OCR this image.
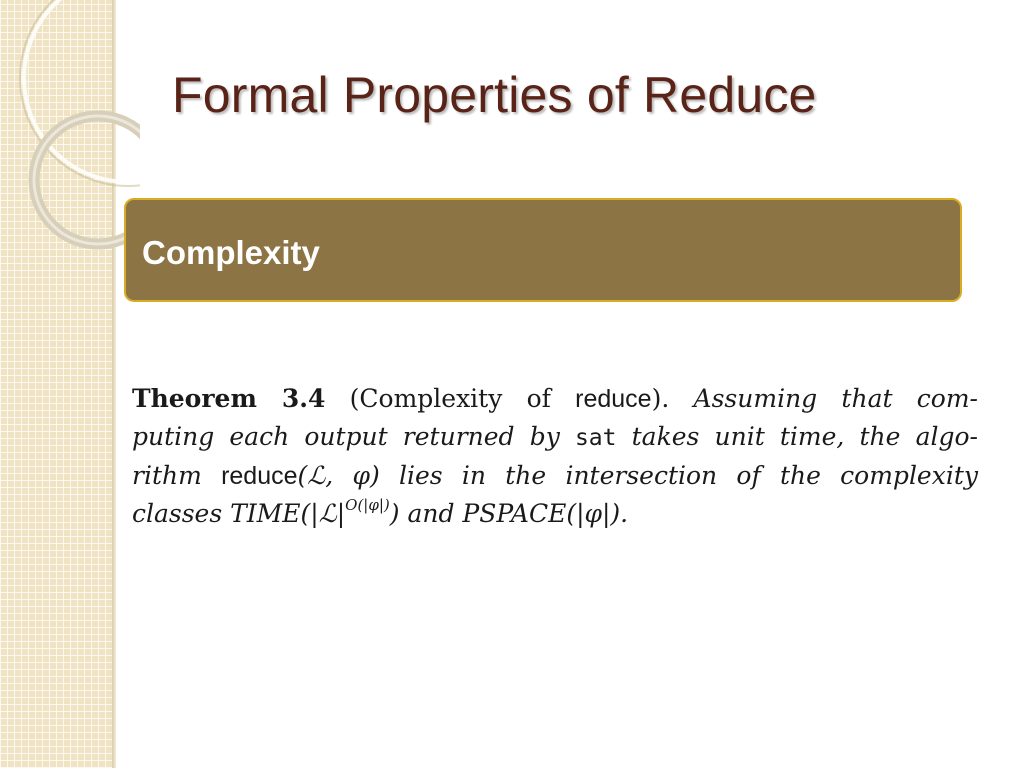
Formal Properties of Reduce
Complexity
Theorem 3.4 (Complexity of reduce). Assuming that com-
puting each output returned by sat takes unit time, the algo-
rithm reduce(ℒ, φ) lies in the intersection of the complexity
classes $TIME(|ℒ|^{O(|\varphi|)})$ and PSPACE(|φ|).
